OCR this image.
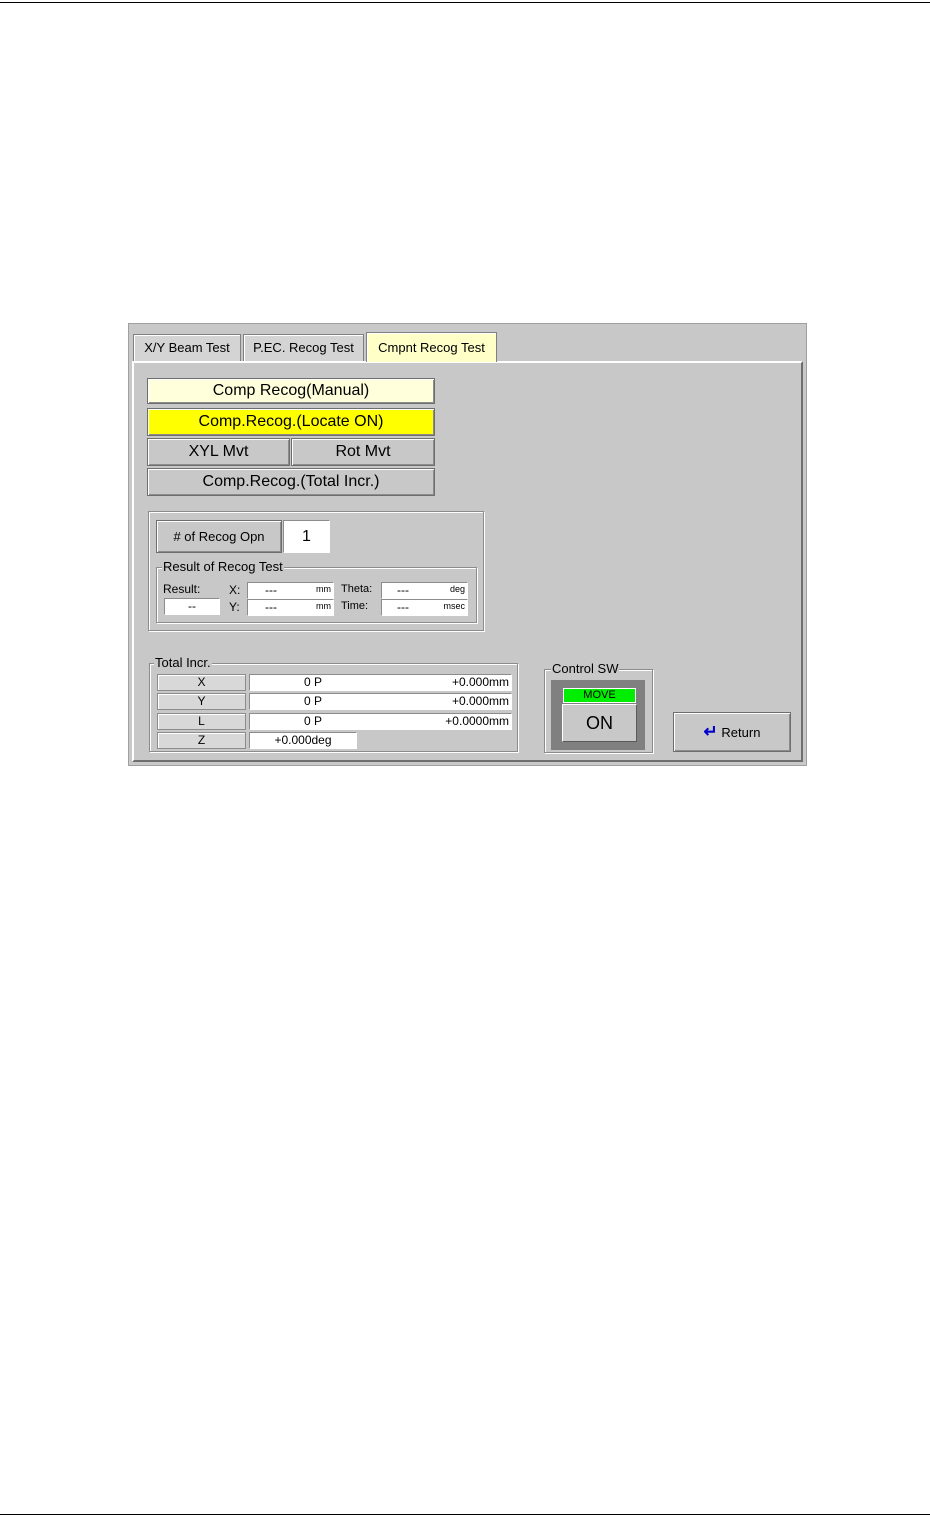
X/Y Beam Test	P.EC. Recog Test	Cmpnt Recog Test
Comp Recog(Manual)
Comp.Recog.(Locate ON)
XYL Mvt	Rot Mvt
Comp.Recog.(Total Incr.)
# of Recog Opn	1
Result of Recog Test
Result:
--
X: ---	mm
Y: ---	mm
Theta: ---	deg
Time: ---	msec
Total Incr.
X	0 P	+0.000mm
Y	0 P	+0.000mm
L	0 P	+0.0000mm
Z	+0.000deg
Control SW
MOVE
ON	↵ Return
